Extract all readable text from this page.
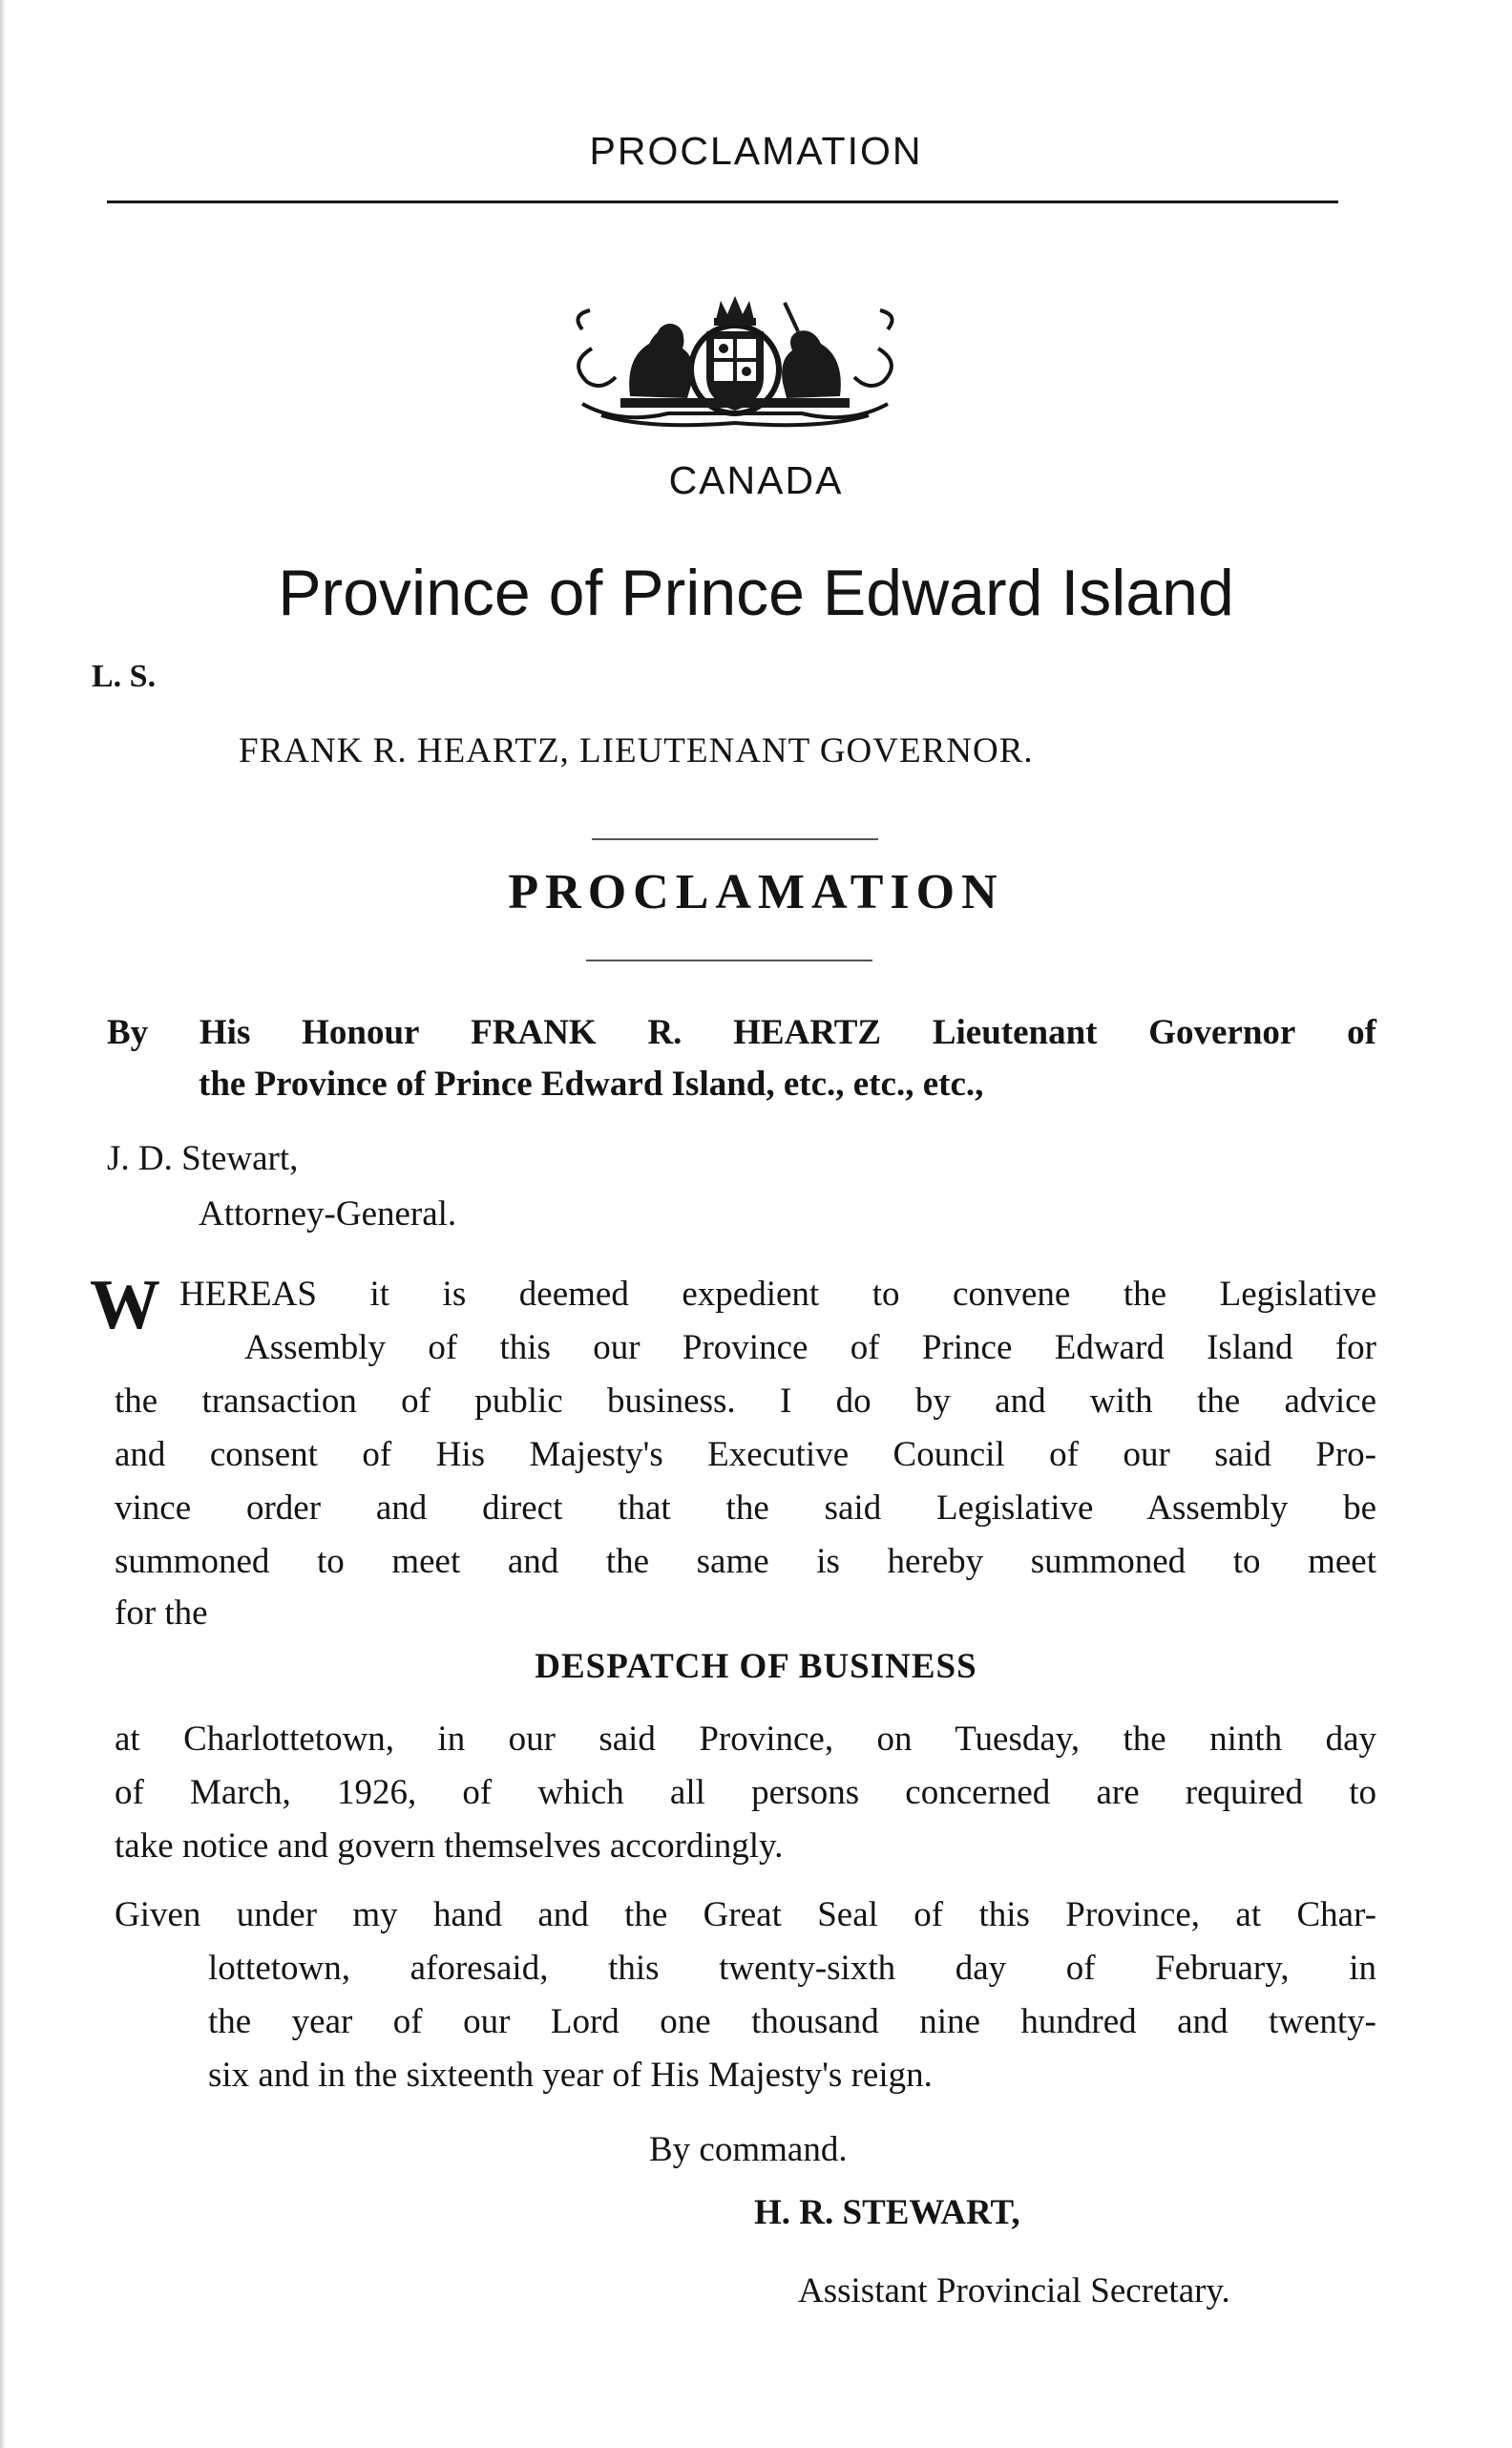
PROCLAMATION
CANADA
Province of Prince Edward Island
L. S.
FRANK R. HEARTZ, LIEUTENANT GOVERNOR.
PROCLAMATION
By His Honour FRANK R. HEARTZ Lieutenant Governor of
the Province of Prince Edward Island, etc., etc., etc.,
J. D. Stewart,
Attorney-General.
W HEREAS it is deemed expedient to convene the Legislative
Assembly of this our Province of Prince Edward Island for
the transaction of public business. I do by and with the advice
and consent of His Majesty's Executive Council of our said Pro-
vince order and direct that the said Legislative Assembly be
summoned to meet and the same is hereby summoned to meet
for the
DESPATCH OF BUSINESS
at Charlottetown, in our said Province, on Tuesday, the ninth day
of March, 1926, of which all persons concerned are required to
take notice and govern themselves accordingly.
Given under my hand and the Great Seal of this Province, at Char-
lottetown, aforesaid, this twenty-sixth day of February, in
the year of our Lord one thousand nine hundred and twenty-
six and in the sixteenth year of His Majesty's reign.
By command.
H. R. STEWART,
Assistant Provincial Secretary.
